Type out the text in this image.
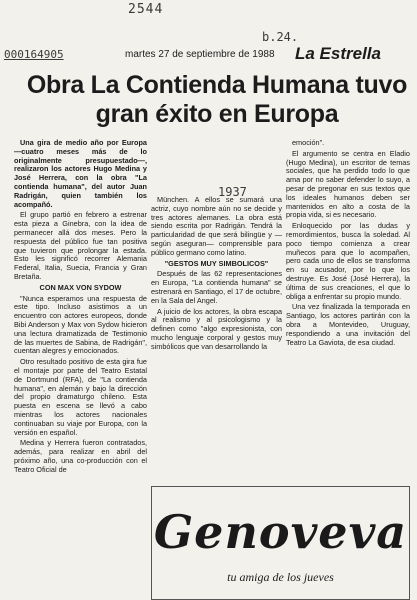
2544
000164905
b.24.
martes 27 de septiembre de 1988 La Estrella
Obra La Contienda Humana tuvo gran éxito en Europa

Una gira de medio año por Europa —cuatro meses más de lo originalmente presupuestado—, realizaron los actores Hugo Medina y José Herrera, con la obra "La contienda humana", del autor Juan Radrigán, quien también los acompañó.

El grupo partió en febrero a estrenar esta pieza a Ginebra, con la idea de permanecer allá dos meses. Pero la respuesta del público fue tan positiva que tuvieron que prolongar la estada. Esto les significó recorrer Alemania Federal, Italia, Suecia, Francia y Gran Bretaña.

CON MAX VON SYDOW

"Nunca esperamos una respuesta de este tipo. Incluso asistimos a un encuentro con actores europeos, donde Bibi Anderson y Max von Sydow hicieron una lectura dramatizada de Testimonio de las muertes de Sabina, de Radrigán", cuentan alegres y emocionados.

Otro resultado positivo de esta gira fue el montaje por parte del Teatro Estatal de Dortmund (RFA), de "La contienda humana", en alemán y bajo la dirección del propio dramaturgo chileno. Esta puesta en escena se llevó a cabo mientras los actores nacionales continuaban su viaje por Europa, con la versión en español.

Medina y Herrera fueron contratados, además, para realizar en abril del próximo año, una co-producción con el Teatro Oficial de

München. A ellos se sumará una actriz, cuyo nombre aún no se decide y tres actores alemanes. La obra está siendo escrita por Radrigán. Tendrá la particularidad de que será bilingüe y —según aseguran— comprensible para público germano como latino.

"GESTOS MUY SIMBOLICOS"

Después de las 62 representaciones en Europa, "La contienda humana" se estrenará en Santiago, el 17 de octubre, en la Sala del Angel.

A juicio de los actores, la obra escapa al realismo y al psicologismo y la definen como "algo expresionista, con mucho lenguaje corporal y gestos muy simbólicos que van desarrollando la

emoción".

El argumento se centra en Eladio (Hugo Medina), un escritor de temas sociales, que ha perdido todo lo que ama por no saber defender lo suyo, a pesar de pregonar en sus textos que los ideales humanos deben ser mantenidos en alto a costa de la propia vida, si es necesario.

Enloquecido por las dudas y remordimientos, busca la soledad. Al poco tiempo comienza a crear muñecos para que lo acompañen, pero cada uno de ellos se transforma en su acusador, por lo que los destruye. Es José (José Herrera), la última de sus creaciones, el que lo obliga a enfrentar su propio mundo.

Una vez finalizada la temporada en Santiago, los actores partirán con la obra a Montevideo, Uruguay, respondiendo a una invitación del Teatro La Gaviota, de esa ciudad.

1937
Genoveva
tu amiga de los jueves
